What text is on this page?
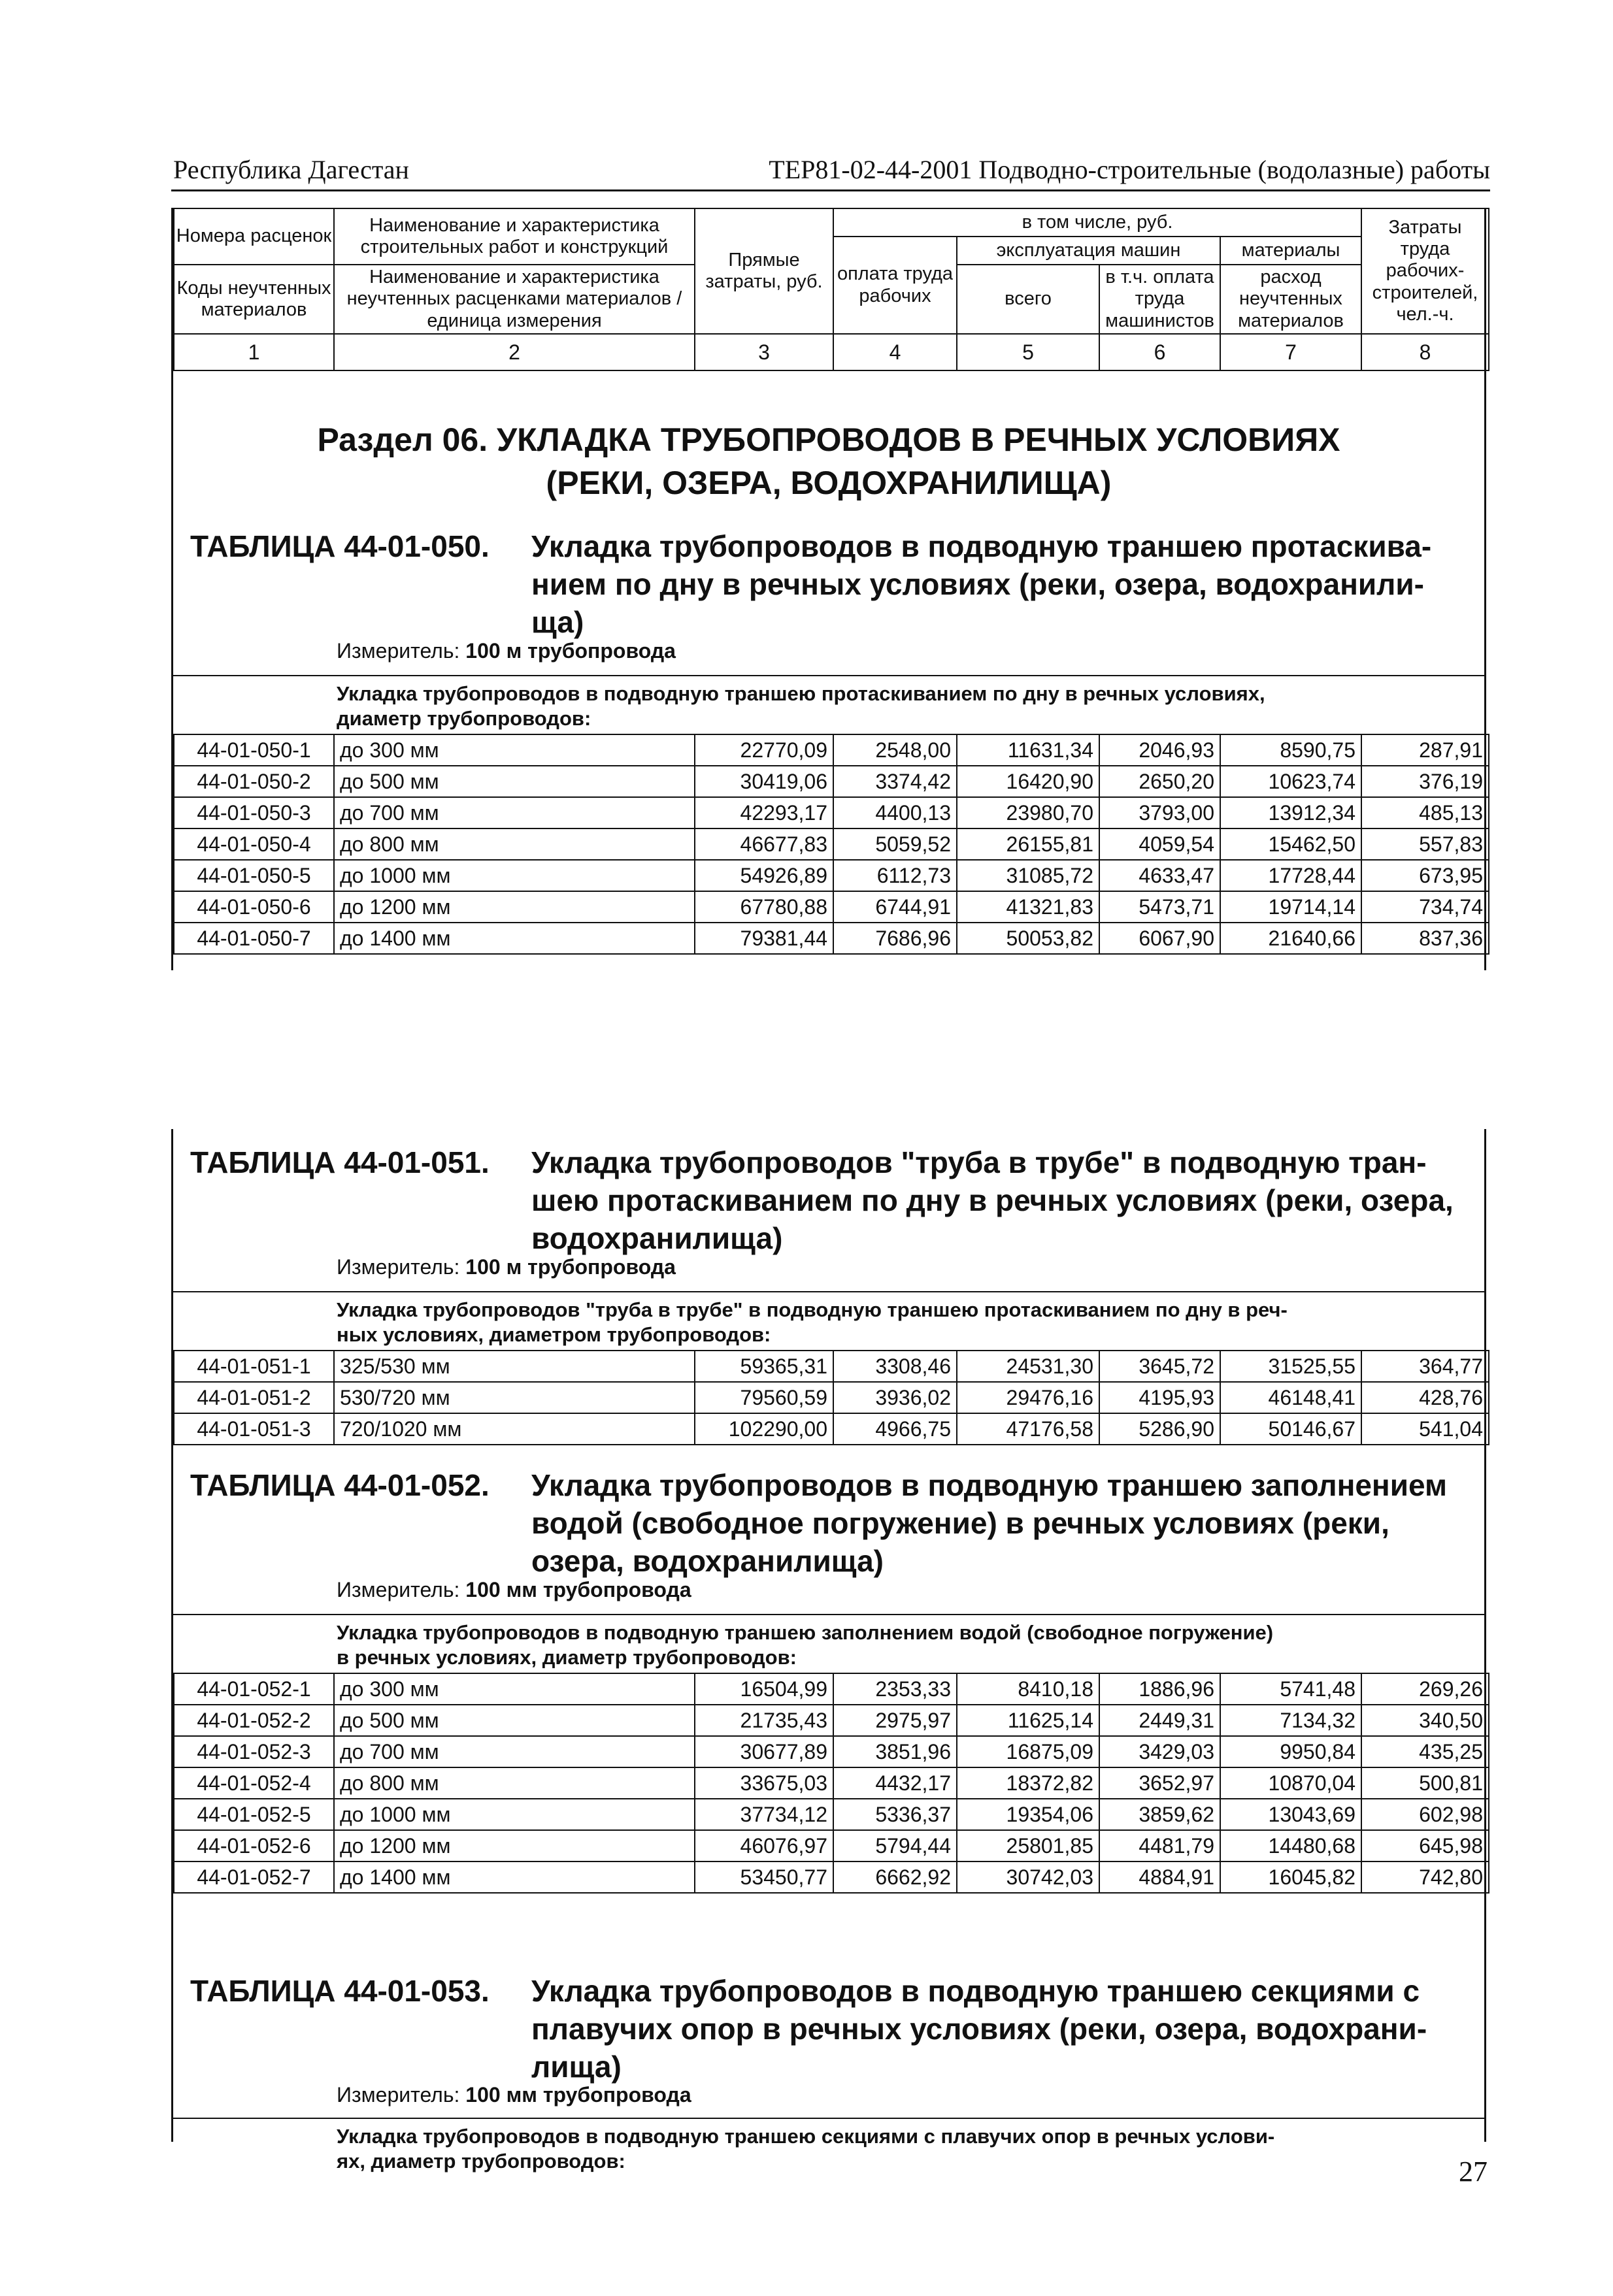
Республика Дагестан	ТЕР81-02-44-2001 Подводно-строительные (водолазные) работы
Номера расценок	Наименование и характеристика строительных работ и конструкций	Прямые затраты, руб.	в том числе, руб.				Затраты труда рабочих-строителей, чел.-ч.
			оплата труда рабочих	эксплуатация машин		материалы	
Коды неучтенных материалов	Наименование и характеристика неучтенных расценками материалов / единица измерения			всего	в т.ч. оплата труда машинистов	расход неучтенных материалов	

1	2	3	4	5	6	7	8
Раздел 06. УКЛАДКА ТРУБОПРОВОДОВ В РЕЧНЫХ УСЛОВИЯХ
(РЕКИ, ОЗЕРА, ВОДОХРАНИЛИЩА)
ТАБЛИЦА 44-01-050. Укладка трубопроводов в подводную траншею протаскива-
нием по дну в речных условиях (реки, озера, водохранили-
ща)
Измеритель: 100 м трубопровода
Укладка трубопроводов в подводную траншею протаскиванием по дну в речных условиях,
диаметр трубопроводов:
44-01-050-1	до 300 мм	22770,09	2548,00	11631,34	2046,93	8590,75	287,91
44-01-050-2	до 500 мм	30419,06	3374,42	16420,90	2650,20	10623,74	376,19
44-01-050-3	до 700 мм	42293,17	4400,13	23980,70	3793,00	13912,34	485,13
44-01-050-4	до 800 мм	46677,83	5059,52	26155,81	4059,54	15462,50	557,83
44-01-050-5	до 1000 мм	54926,89	6112,73	31085,72	4633,47	17728,44	673,95
44-01-050-6	до 1200 мм	67780,88	6744,91	41321,83	5473,71	19714,14	734,74
44-01-050-7	до 1400 мм	79381,44	7686,96	50053,82	6067,90	21640,66	837,36
ТАБЛИЦА 44-01-051. Укладка трубопроводов "труба в трубе" в подводную тран-
шею протаскиванием по дну в речных условиях (реки, озера,
водохранилища)
Измеритель: 100 м трубопровода
Укладка трубопроводов "труба в трубе" в подводную траншею протаскиванием по дну в реч-
ных условиях, диаметром трубопроводов:
44-01-051-1	325/530 мм	59365,31	3308,46	24531,30	3645,72	31525,55	364,77
44-01-051-2	530/720 мм	79560,59	3936,02	29476,16	4195,93	46148,41	428,76
44-01-051-3	720/1020 мм	102290,00	4966,75	47176,58	5286,90	50146,67	541,04
ТАБЛИЦА 44-01-052. Укладка трубопроводов в подводную траншею заполнением
водой (свободное погружение) в речных условиях (реки,
озера, водохранилища)
Измеритель: 100 мм трубопровода
Укладка трубопроводов в подводную траншею заполнением водой (свободное погружение)
в речных условиях, диаметр трубопроводов:
44-01-052-1	до 300 мм	16504,99	2353,33	8410,18	1886,96	5741,48	269,26
44-01-052-2	до 500 мм	21735,43	2975,97	11625,14	2449,31	7134,32	340,50
44-01-052-3	до 700 мм	30677,89	3851,96	16875,09	3429,03	9950,84	435,25
44-01-052-4	до 800 мм	33675,03	4432,17	18372,82	3652,97	10870,04	500,81
44-01-052-5	до 1000 мм	37734,12	5336,37	19354,06	3859,62	13043,69	602,98
44-01-052-6	до 1200 мм	46076,97	5794,44	25801,85	4481,79	14480,68	645,98
44-01-052-7	до 1400 мм	53450,77	6662,92	30742,03	4884,91	16045,82	742,80
ТАБЛИЦА 44-01-053. Укладка трубопроводов в подводную траншею секциями с
плавучих опор в речных условиях (реки, озера, водохрани-
лища)
Измеритель: 100 мм трубопровода
Укладка трубопроводов в подводную траншею секциями с плавучих опор в речных услови-
ях, диаметр трубопроводов:	27
